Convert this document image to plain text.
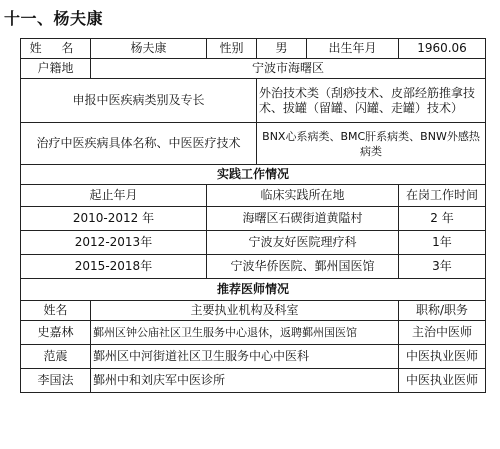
十一、杨夫康
姓 名	杨夫康	性别	男	出生年月	1960.06
户籍地	宁波市海曙区				
申报中医疾病类别及专长			外治技术类（刮痧技术、皮部经筋推拿技术、拔罐（留罐、闪罐、走罐）技术）		
治疗中医疾病具体名称、中医医疗技术			BNX心系病类、BMC肝系病类、BNW外感热病类		
实践工作情况					
起止年月		临床实践所在地			在岗工作时间
2010-2012 年		海曙区石碶街道黄隘村			2 年
2012-2013年		宁波友好医院理疗科			1年
2015-2018年		宁波华侨医院、鄞州国医馆			3年
推荐医师情况					
姓名	主要执业机构及科室				职称/职务
史嘉林	鄞州区钟公庙社区卫生服务中心退休，返聘鄞州国医馆				主治中医师
范震	鄞州区中河街道社区卫生服务中心中医科				中医执业医师
李国法	鄞州中和刘庆军中医诊所				中医执业医师
